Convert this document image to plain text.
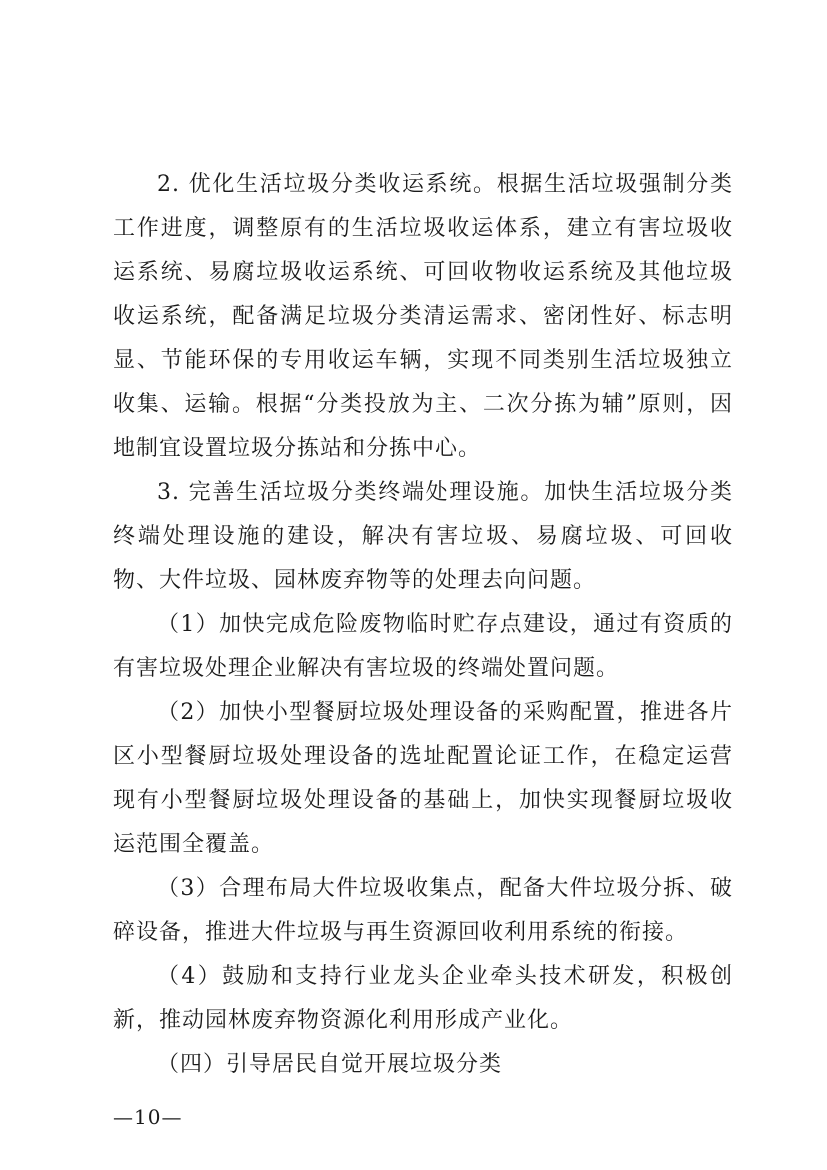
2. 优化生活垃圾分类收运系统。根据生活垃圾强制分类工作进度，调整原有的生活垃圾收运体系，建立有害垃圾收运系统、易腐垃圾收运系统、可回收物收运系统及其他垃圾收运系统，配备满足垃圾分类清运需求、密闭性好、标志明显、节能环保的专用收运车辆，实现不同类别生活垃圾独立收集、运输。根据“分类投放为主、二次分拣为辅”原则，因地制宜设置垃圾分拣站和分拣中心。

3. 完善生活垃圾分类终端处理设施。加快生活垃圾分类终端处理设施的建设，解决有害垃圾、易腐垃圾、可回收物、大件垃圾、园林废弃物等的处理去向问题。

（1）加快完成危险废物临时贮存点建设，通过有资质的有害垃圾处理企业解决有害垃圾的终端处置问题。

（2）加快小型餐厨垃圾处理设备的采购配置，推进各片区小型餐厨垃圾处理设备的选址配置论证工作，在稳定运营现有小型餐厨垃圾处理设备的基础上，加快实现餐厨垃圾收运范围全覆盖。

（3）合理布局大件垃圾收集点，配备大件垃圾分拆、破碎设备，推进大件垃圾与再生资源回收利用系统的衔接。

（4）鼓励和支持行业龙头企业牵头技术研发，积极创新，推动园林废弃物资源化利用形成产业化。

（四）引导居民自觉开展垃圾分类

—10—
